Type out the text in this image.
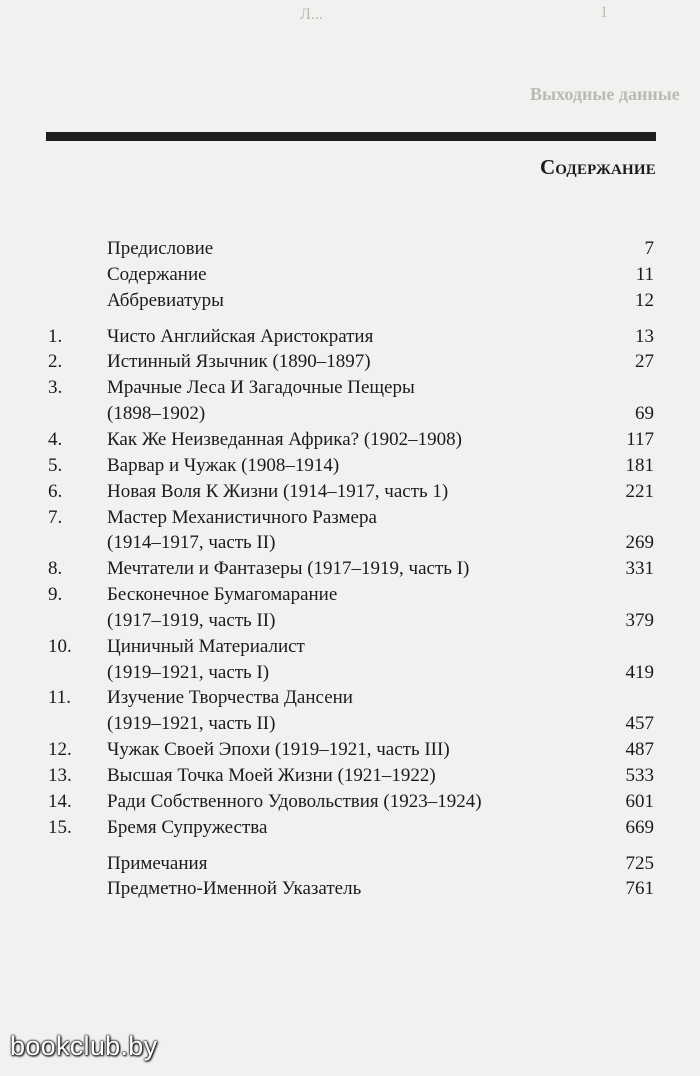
Л...	1
Выходные данные
Содержание
Предисловие	7
Содержание	11
Аббревиатуры	12
1. Чисто Английская Аристократия	13
2. Истинный Язычник (1890–1897)	27
3. Мрачные Леса И Загадочные Пещеры
(1898–1902)	69
4. Как Же Неизведанная Африка? (1902–1908)	117
5. Варвар и Чужак (1908–1914)	181
6. Новая Воля К Жизни (1914–1917, часть 1)	221
7. Мастер Механистичного Размера
(1914–1917, часть II)	269
8. Мечтатели и Фантазеры (1917–1919, часть I)	331
9. Бесконечное Бумагомарание
(1917–1919, часть II)	379
10. Циничный Материалист
(1919–1921, часть I)	419
11. Изучение Творчества Дансени
(1919–1921, часть II)	457
12. Чужак Своей Эпохи (1919–1921, часть III)	487
13. Высшая Точка Моей Жизни (1921–1922)	533
14. Ради Собственного Удовольствия (1923–1924)	601
15. Бремя Супружества	669
Примечания	725
Предметно-Именной Указатель	761
bookclub.by
